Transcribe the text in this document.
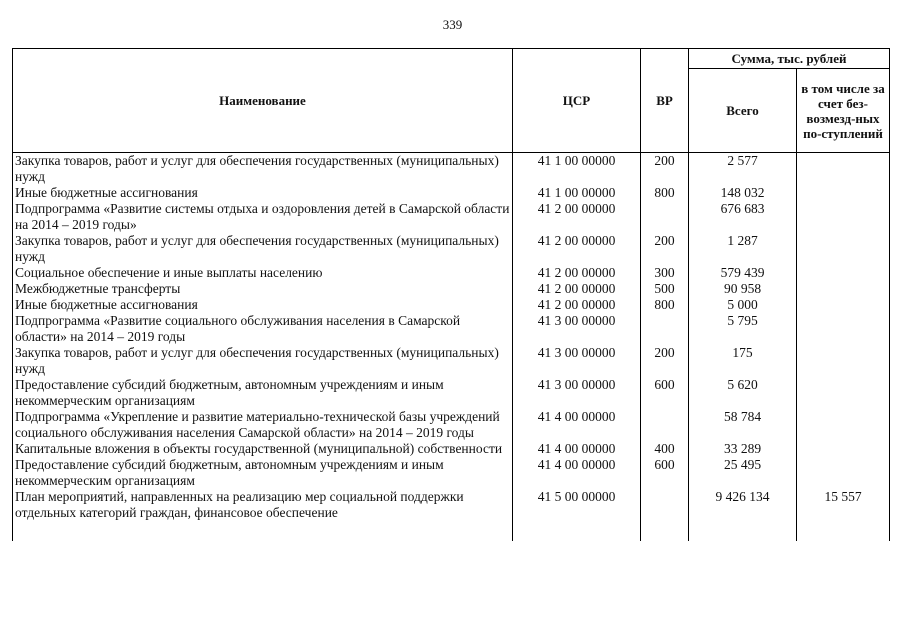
339
Наименование	ЦСР	ВР	Сумма, тыс. рублей	
			Всего	в том числе за счет без-возмезд-ных по-ступлений
Закупка товаров, работ и услуг для обеспечения государственных (муниципальных) нужд	41 1 00 00000	200	2 577	
Иные бюджетные ассигнования	41 1 00 00000	800	148 032	
Подпрограмма «Развитие системы отдыха и оздоровления детей в Самарской области на 2014 – 2019 годы»	41 2 00 00000		676 683	
Закупка товаров, работ и услуг для обеспечения государственных (муниципальных) нужд	41 2 00 00000	200	1 287	
Социальное обеспечение и иные выплаты населению	41 2 00 00000	300	579 439	
Межбюджетные трансферты	41 2 00 00000	500	90 958	
Иные бюджетные ассигнования	41 2 00 00000	800	5 000	
Подпрограмма «Развитие социального обслуживания населения в Самарской области» на 2014 – 2019 годы	41 3 00 00000		5 795	
Закупка товаров, работ и услуг для обеспечения государственных (муниципальных) нужд	41 3 00 00000	200	175	
Предоставление субсидий бюджетным, автономным учреждениям и иным некоммерческим организациям	41 3 00 00000	600	5 620	
Подпрограмма «Укрепление и развитие материально-технической базы учреждений социального обслуживания населения Самарской области» на 2014 – 2019 годы	41 4 00 00000		58 784	
Капитальные вложения в объекты государственной (муниципальной) собственности	41 4 00 00000	400	33 289	
Предоставление субсидий бюджетным, автономным учреждениям и иным некоммерческим организациям	41 4 00 00000	600	25 495	
План мероприятий, направленных на реализацию мер социальной поддержки отдельных категорий граждан, финансовое обеспечение	41 5 00 00000		9 426 134	15 557
